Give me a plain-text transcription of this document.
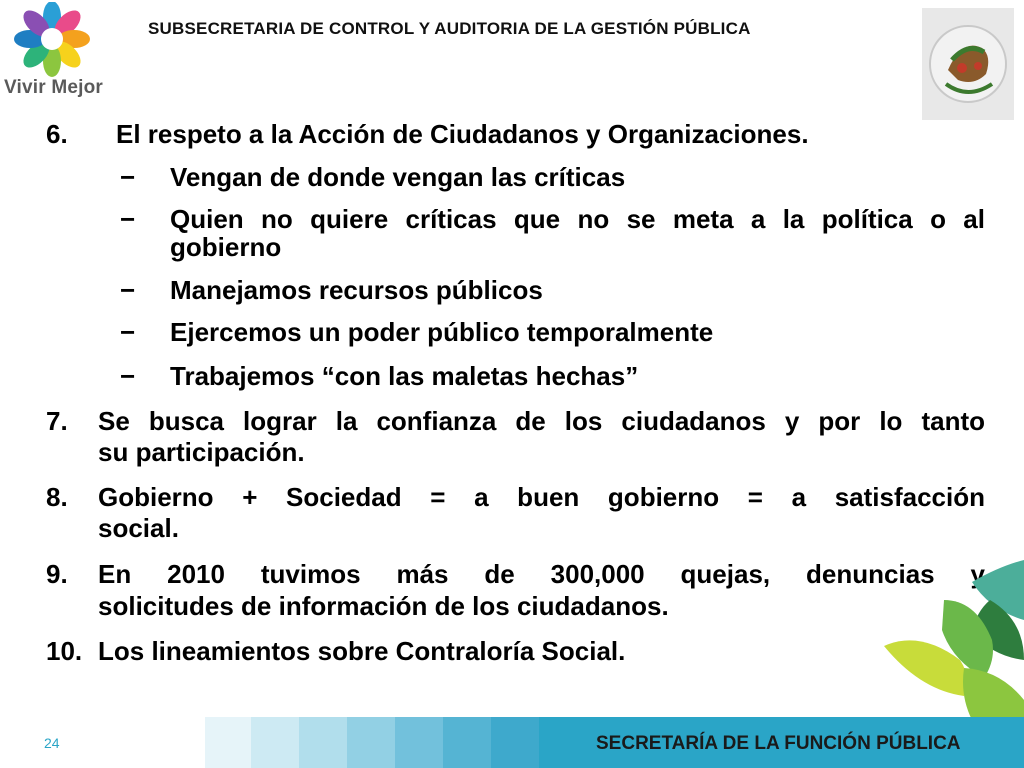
Vivir Mejor
SUBSECRETARIA DE CONTROL Y AUDITORIA DE LA GESTIÓN PÚBLICA
6. El respeto a la Acción de Ciudadanos y Organizaciones.
− Vengan de donde vengan las críticas
− Quien no quiere críticas que no se meta a la política o al
gobierno
− Manejamos recursos públicos
− Ejercemos un poder público temporalmente
− Trabajemos “con las maletas hechas”
7. Se busca lograr la confianza de los ciudadanos y por lo tanto
su participación.
8. Gobierno + Sociedad = a buen gobierno = a satisfacción
social.
9. En 2010 tuvimos más de 300,000 quejas, denuncias y
solicitudes de información de los ciudadanos.
10. Los lineamientos sobre Contraloría Social.
SECRETARÍA DE LA FUNCIÓN PÚBLICA
24
